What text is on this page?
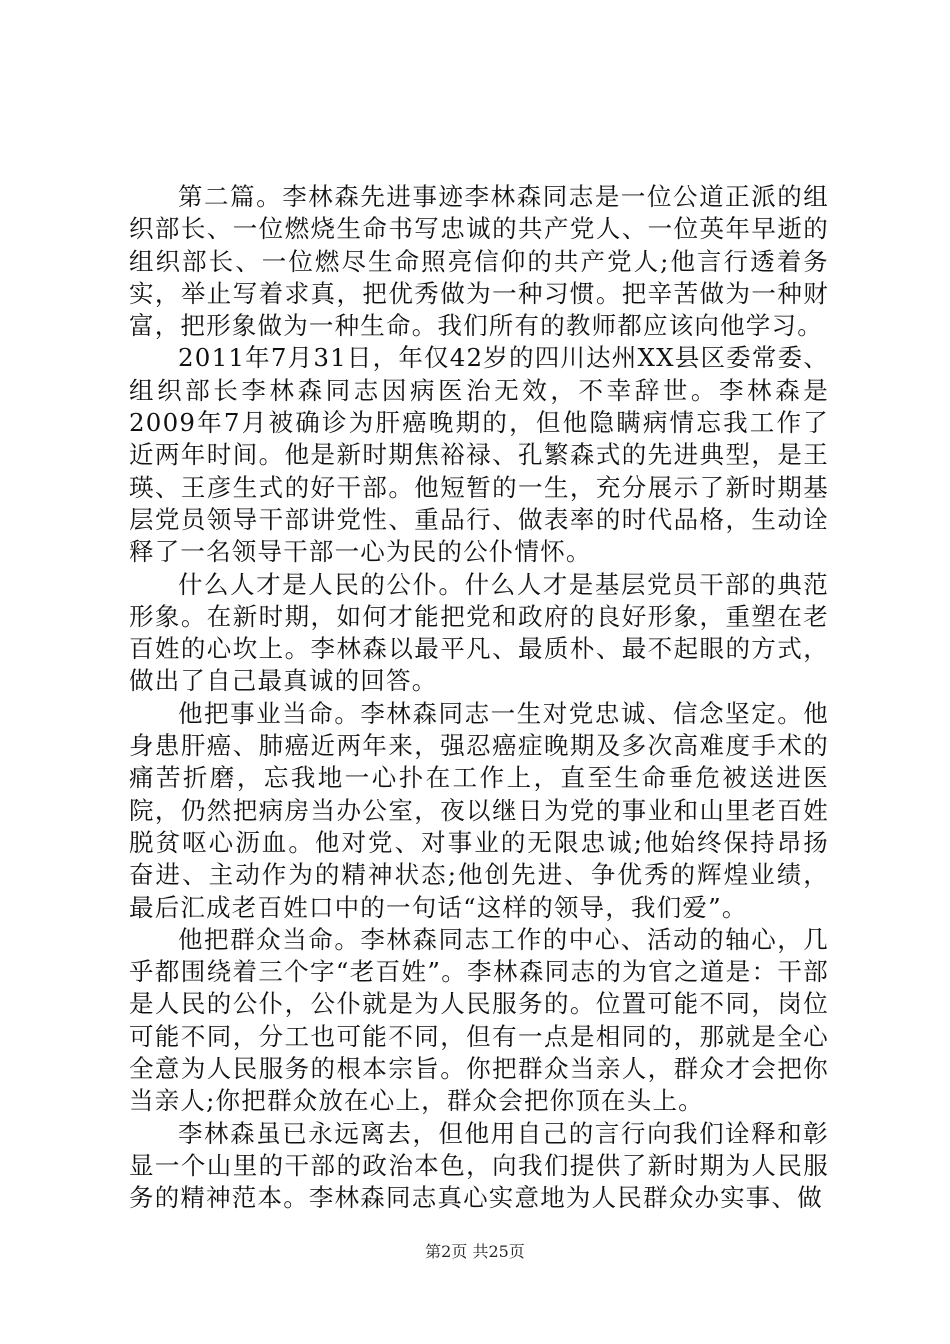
第二篇。李林森先进事迹李林森同志是一位公道正派的组织部长、一位燃烧生命书写忠诚的共产党人、一位英年早逝的组织部长、一位燃尽生命照亮信仰的共产党人;他言行透着务实，举止写着求真，把优秀做为一种习惯。把辛苦做为一种财富，把形象做为一种生命。我们所有的教师都应该向他学习。

2011年7月31日，年仅42岁的四川达州XX县区委常委、组织部长李林森同志因病医治无效，不幸辞世。李林森是2009年7月被确诊为肝癌晚期的，但他隐瞒病情忘我工作了近两年时间。他是新时期焦裕禄、孔繁森式的先进典型，是王瑛、王彦生式的好干部。他短暂的一生，充分展示了新时期基层党员领导干部讲党性、重品行、做表率的时代品格，生动诠释了一名领导干部一心为民的公仆情怀。

什么人才是人民的公仆。什么人才是基层党员干部的典范形象。在新时期，如何才能把党和政府的良好形象，重塑在老百姓的心坎上。李林森以最平凡、最质朴、最不起眼的方式，做出了自己最真诚的回答。

他把事业当命。李林森同志一生对党忠诚、信念坚定。他身患肝癌、肺癌近两年来，强忍癌症晚期及多次高难度手术的痛苦折磨，忘我地一心扑在工作上，直至生命垂危被送进医院，仍然把病房当办公室，夜以继日为党的事业和山里老百姓脱贫呕心沥血。他对党、对事业的无限忠诚;他始终保持昂扬奋进、主动作为的精神状态;他创先进、争优秀的辉煌业绩，最后汇成老百姓口中的一句话“这样的领导，我们爱”。

他把群众当命。李林森同志工作的中心、活动的轴心，几乎都围绕着三个字“老百姓”。李林森同志的为官之道是：干部是人民的公仆，公仆就是为人民服务的。位置可能不同，岗位可能不同，分工也可能不同，但有一点是相同的，那就是全心全意为人民服务的根本宗旨。你把群众当亲人，群众才会把你当亲人;你把群众放在心上，群众会把你顶在头上。

李林森虽已永远离去，但他用自己的言行向我们诠释和彰显一个山里的干部的政治本色，向我们提供了新时期为人民服务的精神范本。李林森同志真心实意地为人民群众办实事、做

第2页 共25页
